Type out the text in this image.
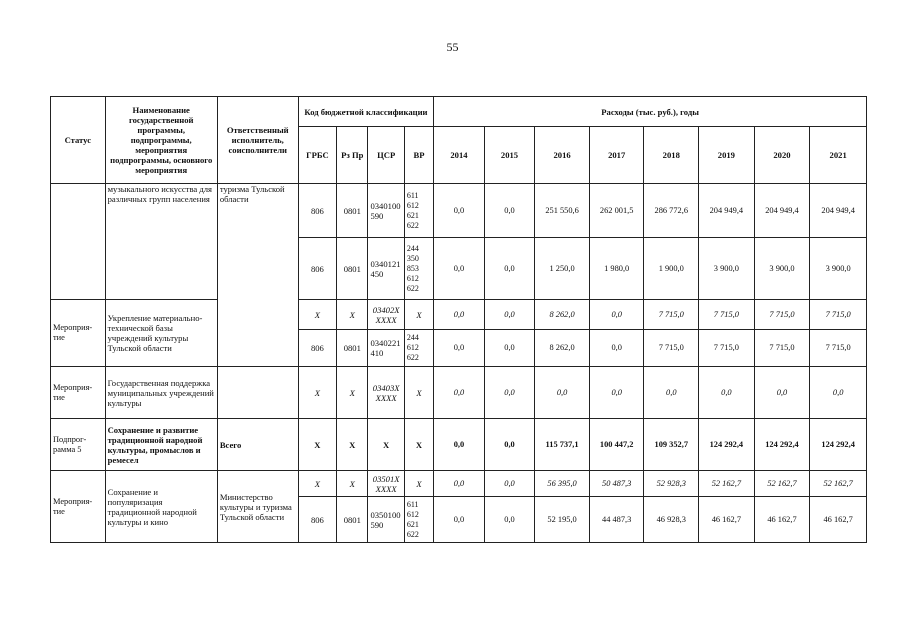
55
Статус	Наименование государственной программы, подпрограммы, мероприятия подпрограммы, основного мероприятия	Ответственный исполнитель, соисполнители	Код бюджетной классификации				Расходы (тыс. руб.), годы							
			ГРБС	Рз Пр	ЦСР	ВР	2014	2015	2016	2017	2018	2019	2020	2021
	музыкального искусства для различных групп населения	туризма Тульской области	806	0801	0340100590	611 612 621 622	0,0	0,0	251 550,6	262 001,5	286 772,6	204 949,4	204 949,4	204 949,4
			806	0801	0340121450	244 350 853 612 622	0,0	0,0	1 250,0	1 980,0	1 900,0	3 900,0	3 900,0	3 900,0
Мероприя-тие	Укрепление материально-технической базы учреждений культуры Тульской области		X	X	03402XXXXX	X	0,0	0,0	8 262,0	0,0	7 715,0	7 715,0	7 715,0	7 715,0
			806	0801	0340221410	244 612 622	0,0	0,0	8 262,0	0,0	7 715,0	7 715,0	7 715,0	7 715,0
Мероприя-тие	Государственная поддержка муниципальных учреждений культуры		X	X	03403XXXXX	X	0,0	0,0	0,0	0,0	0,0	0,0	0,0	0,0
Подпрог-рамма 5	Сохранение и развитие традиционной народной культуры, промыслов и ремесел	Всего	X	X	X	X	0,0	0,0	115 737,1	100 447,2	109 352,7	124 292,4	124 292,4	124 292,4
Мероприя-тие	Сохранение и популяризация традиционной народной культуры и кино	Министерство культуры и туризма Тульской области	X	X	03501XXXXX	X	0,0	0,0	56 395,0	50 487,3	52 928,3	52 162,7	52 162,7	52 162,7
			806	0801	0350100590	611 612 621 622	0,0	0,0	52 195,0	44 487,3	46 928,3	46 162,7	46 162,7	46 162,7
